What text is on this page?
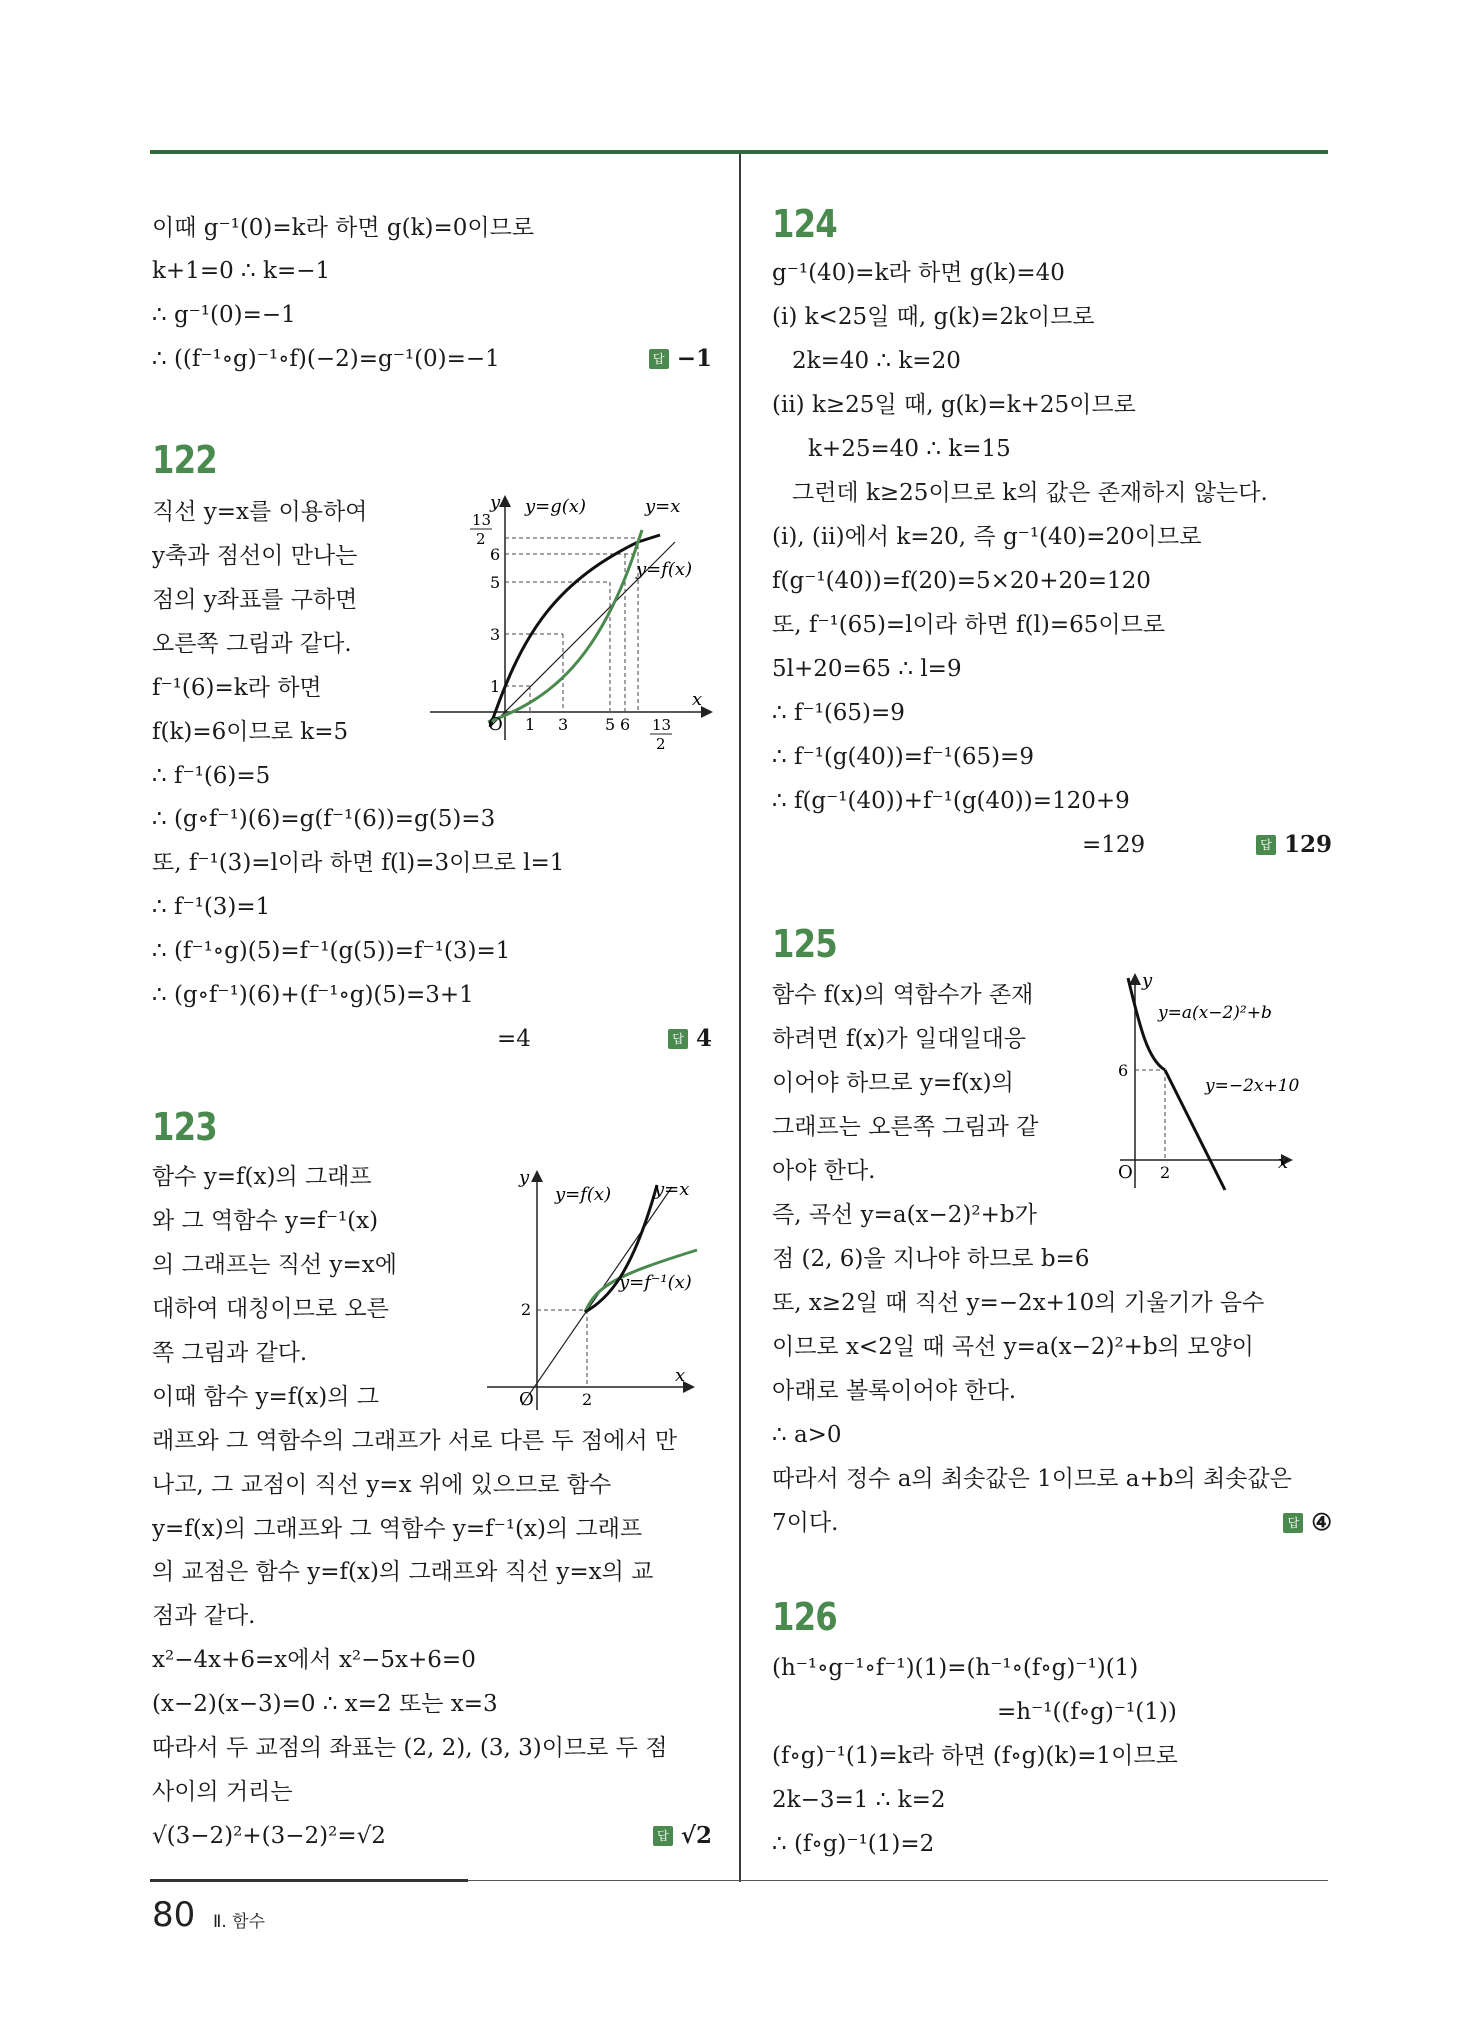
이때 g⁻¹(0)=k라 하면 g(k)=0이므로
k+1=0 ∴ k=−1
∴ g⁻¹(0)=−1
∴ ((f⁻¹∘g)⁻¹∘f)(−2)=g⁻¹(0)=−1	답 −1
122
직선 y=x를 이용하여
y축과 점선이 만나는
점의 y좌표를 구하면
오른쪽 그림과 같다.
f⁻¹(6)=k라 하면
f(k)=6이므로 k=5
∴ f⁻¹(6)=5
∴ (g∘f⁻¹)(6)=g(f⁻¹(6))=g(5)=3
또, f⁻¹(3)=l이라 하면 f(l)=3이므로 l=1
∴ f⁻¹(3)=1
∴ (f⁻¹∘g)(5)=f⁻¹(g(5))=f⁻¹(3)=1
∴ (g∘f⁻¹)(6)+(f⁻¹∘g)(5)=3+1
=4	답 4
y
x
O
y=g(x)	y=x
y=f(x)
1
3
5
6
1 3 5 6
13
2
13
2
123
함수 y=f(x)의 그래프
와 그 역함수 y=f⁻¹(x)
의 그래프는 직선 y=x에
대하여 대칭이므로 오른
쪽 그림과 같다.
이때 함수 y=f(x)의 그
래프와 그 역함수의 그래프가 서로 다른 두 점에서 만
나고, 그 교점이 직선 y=x 위에 있으므로 함수
y=f(x)의 그래프와 그 역함수 y=f⁻¹(x)의 그래프
의 교점은 함수 y=f(x)의 그래프와 직선 y=x의 교
점과 같다.
x²−4x+6=x에서 x²−5x+6=0
(x−2)(x−3)=0 ∴ x=2 또는 x=3
따라서 두 교점의 좌표는 (2, 2), (3, 3)이므로 두 점
사이의 거리는
√(3−2)²+(3−2)²=√2	답 √2
y
x
O
y=f(x) y=x
y=f⁻¹(x)
2
2
124
g⁻¹(40)=k라 하면 g(k)=40
(i) k<25일 때, g(k)=2k이므로
2k=40 ∴ k=20
(ii) k≥25일 때, g(k)=k+25이므로
k+25=40 ∴ k=15
그런데 k≥25이므로 k의 값은 존재하지 않는다.
(i), (ii)에서 k=20, 즉 g⁻¹(40)=20이므로
f(g⁻¹(40))=f(20)=5×20+20=120
또, f⁻¹(65)=l이라 하면 f(l)=65이므로
5l+20=65 ∴ l=9
∴ f⁻¹(65)=9
∴ f⁻¹(g(40))=f⁻¹(65)=9
∴ f(g⁻¹(40))+f⁻¹(g(40))=120+9
=129	답 129
125
함수 f(x)의 역함수가 존재
하려면 f(x)가 일대일대응
이어야 하므로 y=f(x)의
그래프는 오른쪽 그림과 같
아야 한다.
즉, 곡선 y=a(x−2)²+b가
점 (2, 6)을 지나야 하므로 b=6
또, x≥2일 때 직선 y=−2x+10의 기울기가 음수
이므로 x<2일 때 곡선 y=a(x−2)²+b의 모양이
아래로 볼록이어야 한다.
∴ a>0
따라서 정수 a의 최솟값은 1이므로 a+b의 최솟값은
7이다.	답 ④
y
x
O
y=a(x−2)²+b
y=−2x+10
6
2
126
(h⁻¹∘g⁻¹∘f⁻¹)(1)=(h⁻¹∘(f∘g)⁻¹)(1)
=h⁻¹((f∘g)⁻¹(1))
(f∘g)⁻¹(1)=k라 하면 (f∘g)(k)=1이므로
2k−3=1 ∴ k=2
∴ (f∘g)⁻¹(1)=2
80 Ⅱ. 함수
